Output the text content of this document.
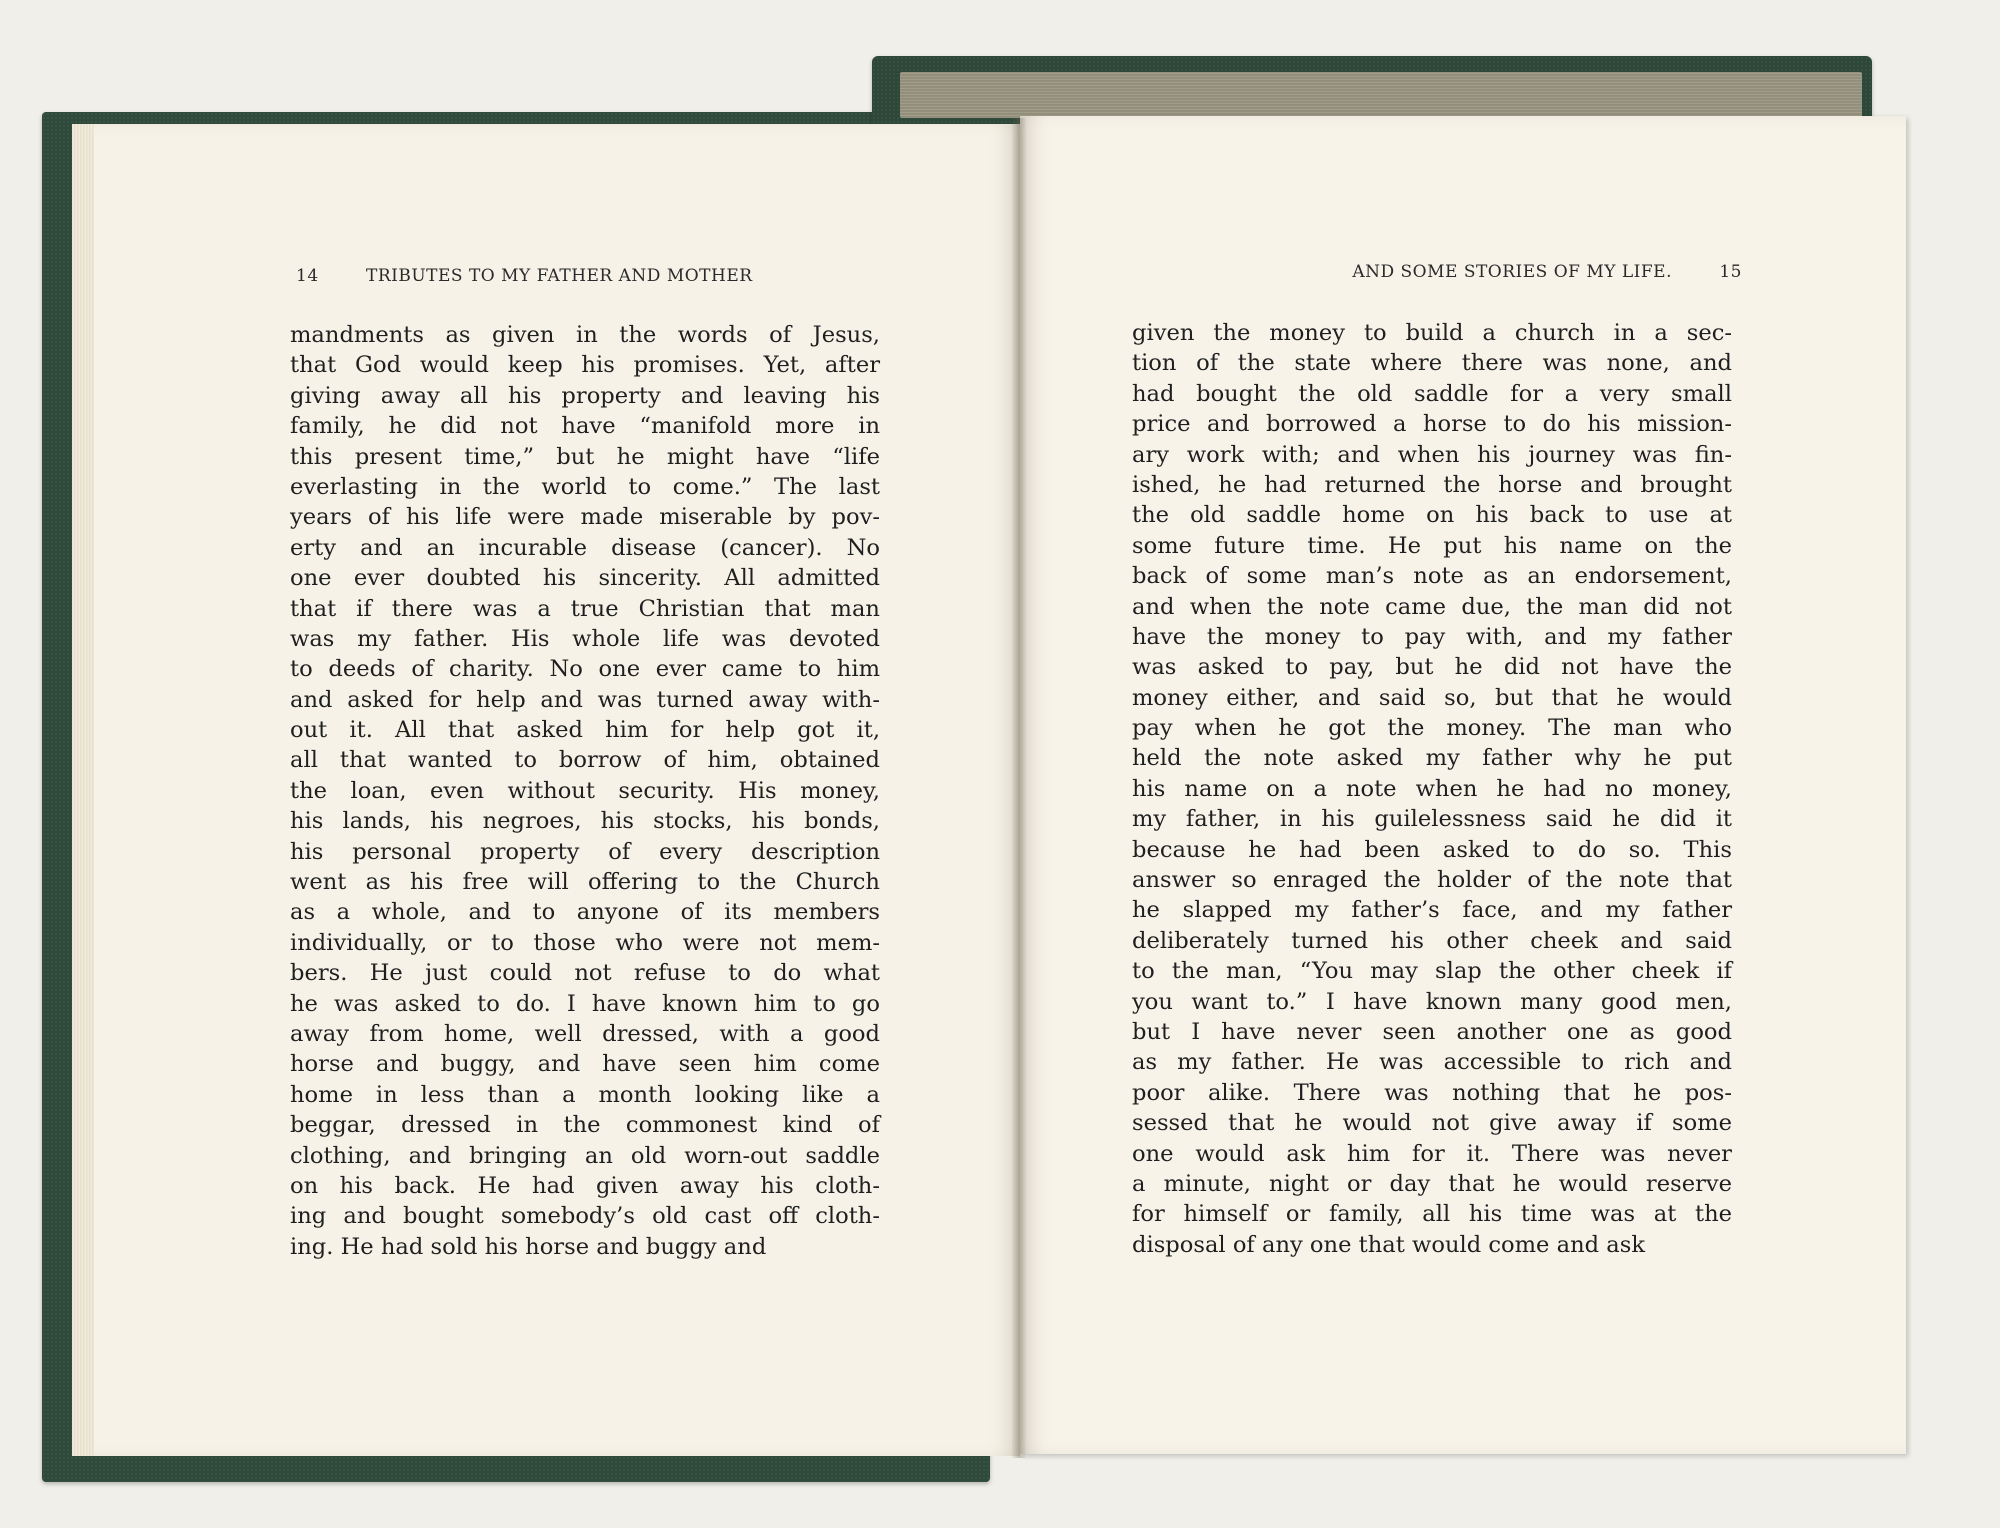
14	TRIBUTES TO MY FATHER AND MOTHER	AND SOME STORIES OF MY LIFE.	15
mandments as given in the words of Jesus,
that God would keep his promises. Yet, after
giving away all his property and leaving his
family, he did not have “manifold more in
this present time,” but he might have “life
everlasting in the world to come.” The last
years of his life were made miserable by pov-
erty and an incurable disease (cancer). No
one ever doubted his sincerity. All admitted
that if there was a true Christian that man
was my father. His whole life was devoted
to deeds of charity. No one ever came to him
and asked for help and was turned away with-
out it. All that asked him for help got it,
all that wanted to borrow of him, obtained
the loan, even without security. His money,
his lands, his negroes, his stocks, his bonds,
his personal property of every description
went as his free will offering to the Church
as a whole, and to anyone of its members
individually, or to those who were not mem-
bers. He just could not refuse to do what
he was asked to do. I have known him to go
away from home, well dressed, with a good
horse and buggy, and have seen him come
home in less than a month looking like a
beggar, dressed in the commonest kind of
clothing, and bringing an old worn-out saddle
on his back. He had given away his cloth-
ing and bought somebody’s old cast off cloth-
ing. He had sold his horse and buggy and
given the money to build a church in a sec-
tion of the state where there was none, and
had bought the old saddle for a very small
price and borrowed a horse to do his mission-
ary work with; and when his journey was fin-
ished, he had returned the horse and brought
the old saddle home on his back to use at
some future time. He put his name on the
back of some man’s note as an endorsement,
and when the note came due, the man did not
have the money to pay with, and my father
was asked to pay, but he did not have the
money either, and said so, but that he would
pay when he got the money. The man who
held the note asked my father why he put
his name on a note when he had no money,
my father, in his guilelessness said he did it
because he had been asked to do so. This
answer so enraged the holder of the note that
he slapped my father’s face, and my father
deliberately turned his other cheek and said
to the man, “You may slap the other cheek if
you want to.” I have known many good men,
but I have never seen another one as good
as my father. He was accessible to rich and
poor alike. There was nothing that he pos-
sessed that he would not give away if some
one would ask him for it. There was never
a minute, night or day that he would reserve
for himself or family, all his time was at the
disposal of any one that would come and ask
